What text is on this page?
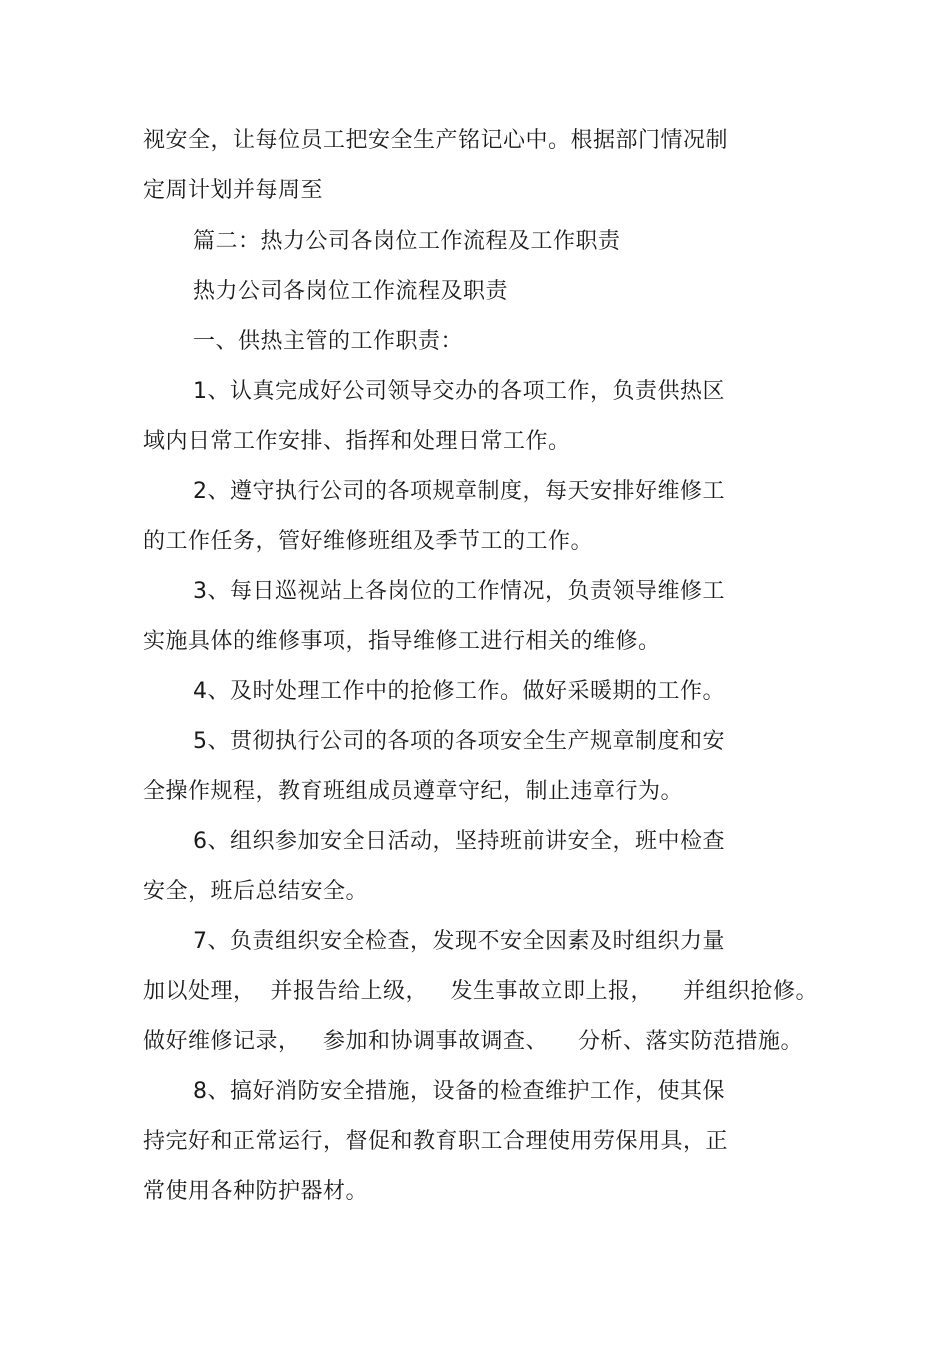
视安全，让每位员工把安全生产铭记心中。根据部门情况制
定周计划并每周至
篇二：热力公司各岗位工作流程及工作职责
热力公司各岗位工作流程及职责
一、供热主管的工作职责：
1、认真完成好公司领导交办的各项工作，负责供热区
域内日常工作安排、指挥和处理日常工作。
2、遵守执行公司的各项规章制度，每天安排好维修工
的工作任务，管好维修班组及季节工的工作。
3、每日巡视站上各岗位的工作情况，负责领导维修工
实施具体的维修事项，指导维修工进行相关的维修。
4、及时处理工作中的抢修工作。做好采暖期的工作。
5、贯彻执行公司的各项的各项安全生产规章制度和安
全操作规程，教育班组成员遵章守纪，制止违章行为。
6、组织参加安全日活动，坚持班前讲安全，班中检查
安全，班后总结安全。
7、负责组织安全检查，发现不安全因素及时组织力量
加以处理，  并报告给上级，   发生事故立即上报，    并组织抢修。
做好维修记录，   参加和协调事故调查、    分析、落实防范措施。
8、搞好消防安全措施，设备的检查维护工作，使其保
持完好和正常运行，督促和教育职工合理使用劳保用具，正
常使用各种防护器材。
